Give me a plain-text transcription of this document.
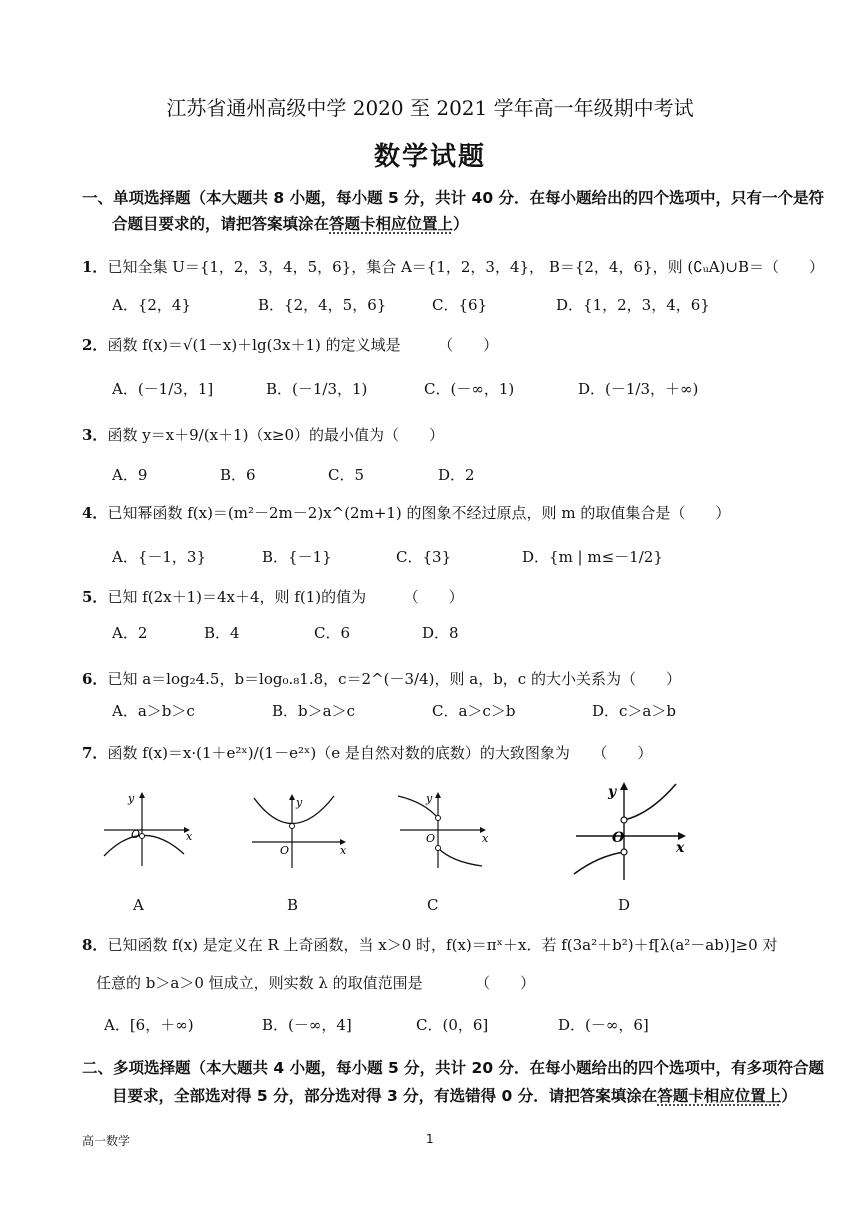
江苏省通州高级中学 2020 至 2021 学年高一年级期中考试
数学试题
一、单项选择题（本大题共 8 小题，每小题 5 分，共计 40 分．在每小题给出的四个选项中，只有一个是符
合题目要求的，请把答案填涂在答题卡相应位置上）
1．已知全集 U＝{1，2，3，4，5，6}，集合 A＝{1，2，3，4}， B＝{2，4，6}，则 (∁ᵤA)∪B＝（　　）
A．{2，4}	B．{2，4，5，6}	C．{6}	D．{1，2，3，4，6}
2．函数 f(x)＝√(1－x)＋lg(3x＋1) 的定义域是　　　（　　）
A．(－1/3，1]	B．(－1/3，1)	C．(－∞，1)	D．(－1/3，＋∞)
3．函数 y＝x＋9/(x＋1)（x≥0）的最小值为（　　）
A．9	B．6	C．5	D．2
4．已知幂函数 f(x)＝(m²－2m－2)x^(2m+1) 的图象不经过原点，则 m 的取值集合是（　　）
A．{－1，3}	B．{－1}	C．{3}	D．{m | m≤－1/2}
5．已知 f(2x＋1)＝4x＋4，则 f(1)的值为　　　（　　）
A．2	B．4	C．6	D．8
6．已知 a＝log₂4.5，b＝log₀.₈1.8，c＝2^(－3/4)，则 a，b，c 的大小关系为（　　）
A．a＞b＞c	B．b＞a＞c	C．a＞c＞b	D．c＞a＞b
7．函数 f(x)＝x·(1＋e²ˣ)/(1－e²ˣ)（e 是自然对数的底数）的大致图象为　　（　　）
y
x
O
y
x
O
y
x
O
y
x
O
A	B	C	D
8．已知函数 f(x) 是定义在 R 上奇函数，当 x＞0 时，f(x)＝πˣ＋x．若 f(3a²＋b²)＋f[λ(a²－ab)]≥0 对
任意的 b＞a＞0 恒成立，则实数 λ 的取值范围是　　　　（　　）
A．[6，＋∞)	B．(－∞，4]	C．(0，6]	D．(－∞，6]
二、多项选择题（本大题共 4 小题，每小题 5 分，共计 20 分．在每小题给出的四个选项中，有多项符合题
目要求，全部选对得 5 分，部分选对得 3 分，有选错得 0 分．请把答案填涂在答题卡相应位置上）
高一数学	1
